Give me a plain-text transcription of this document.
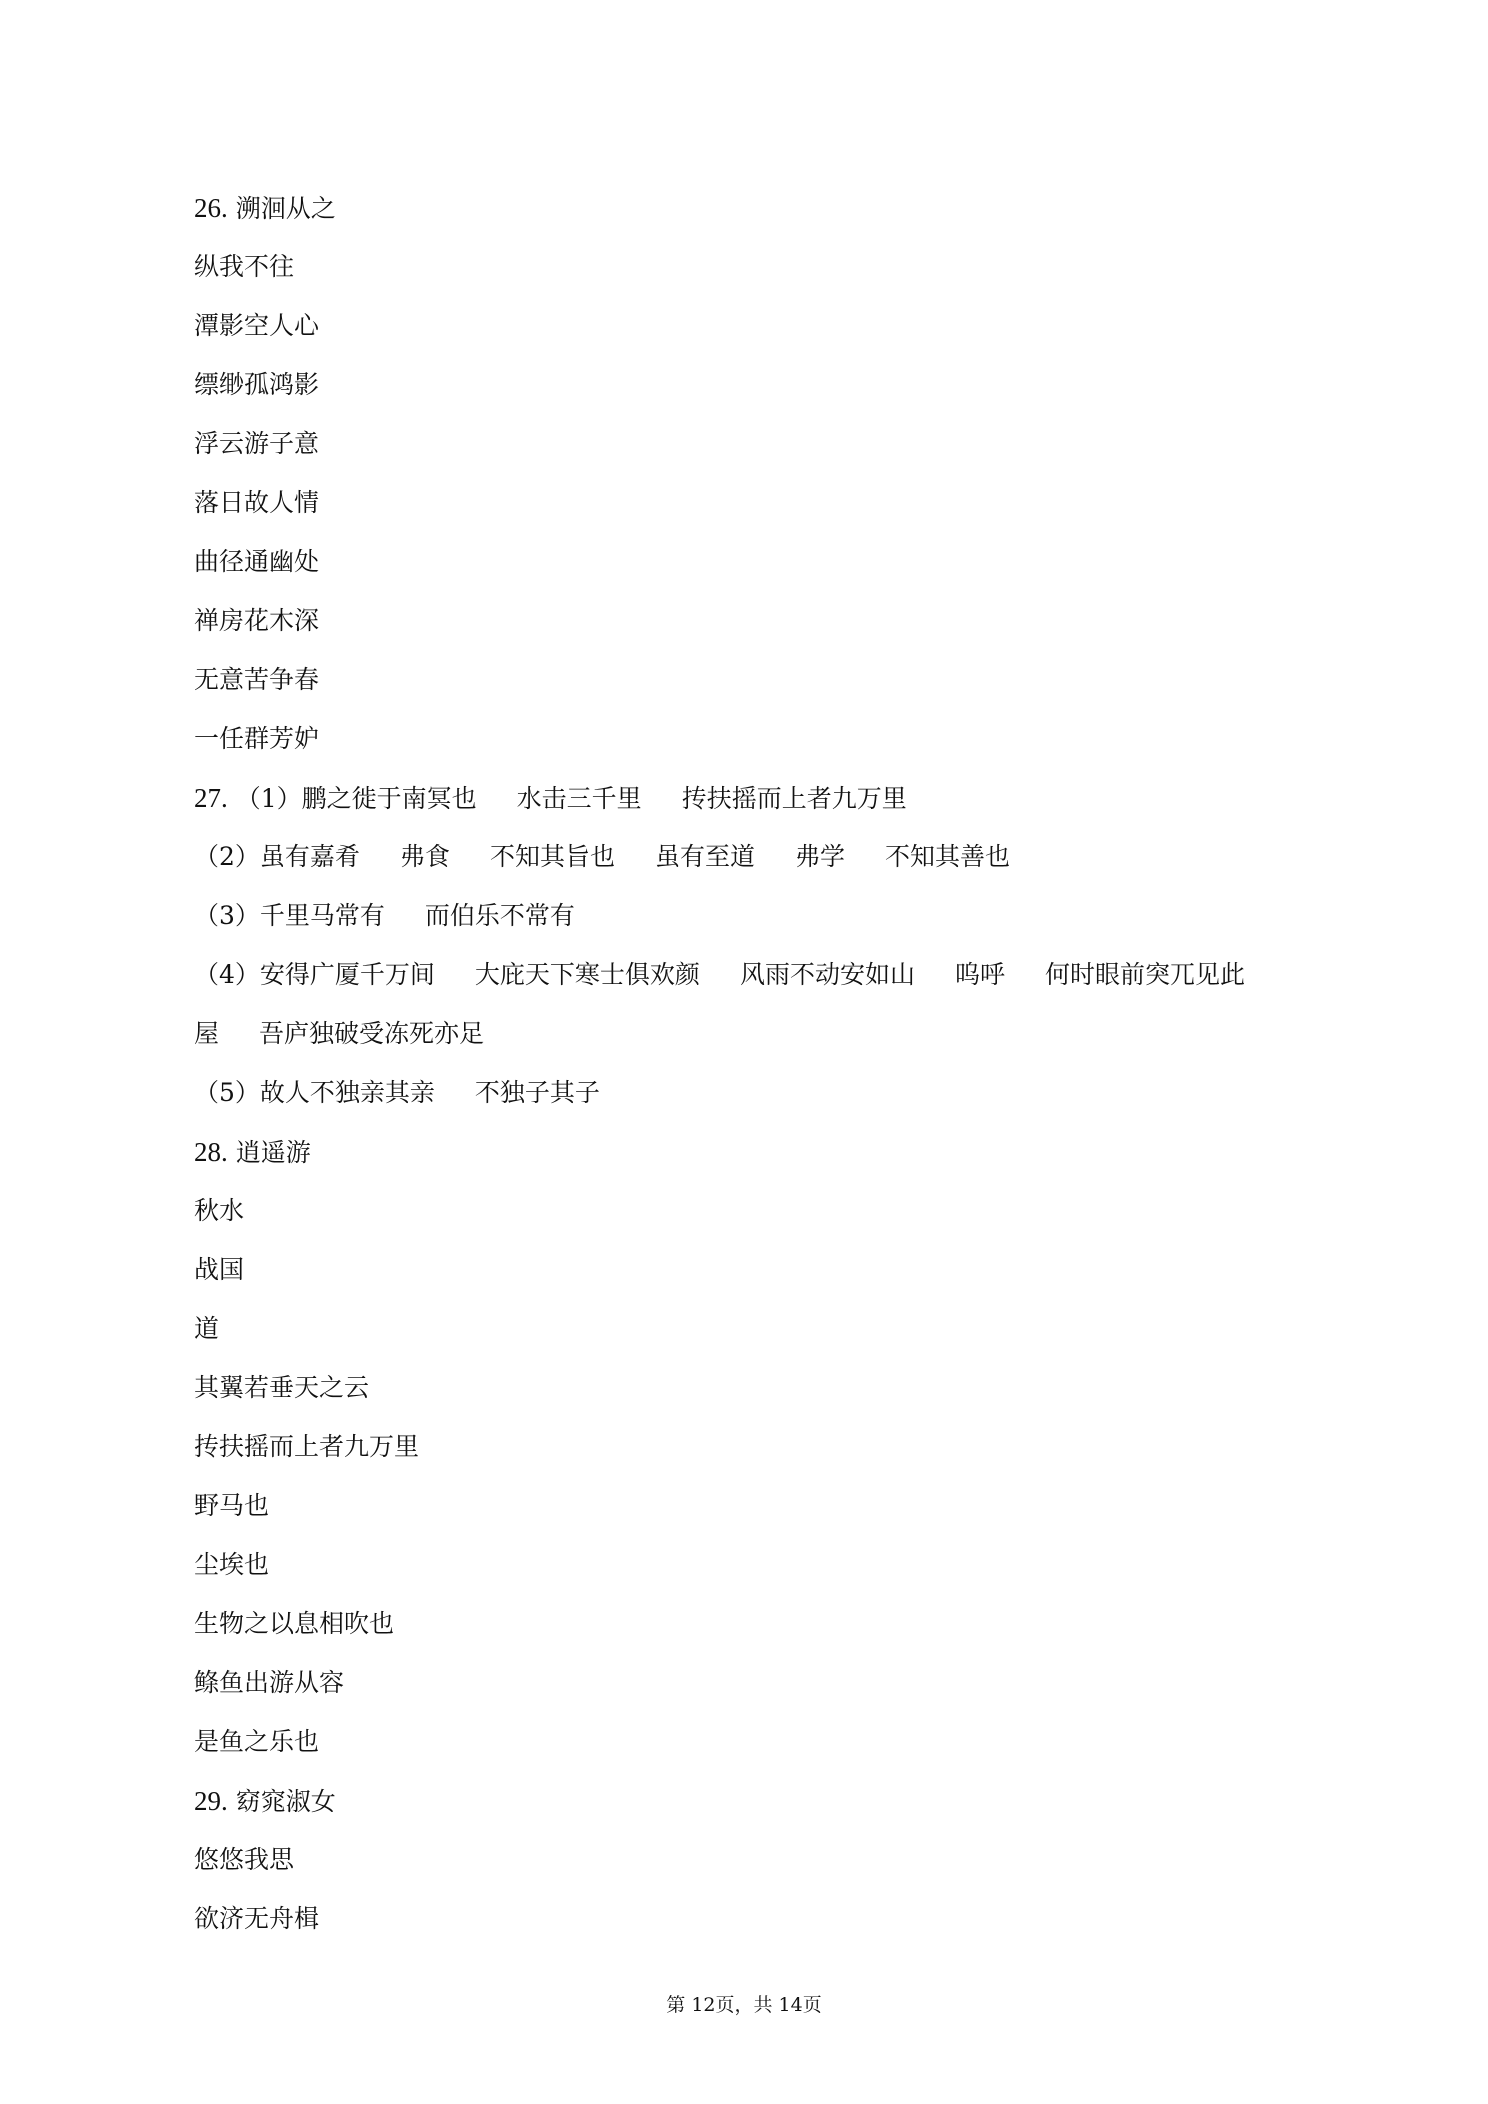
26. 溯洄从之
纵我不往
潭影空人心
缥缈孤鸿影
浮云游子意
落日故人情
曲径通幽处
禅房花木深
无意苦争春
一任群芳妒
27. （1）鹏之徙于南冥也 水击三千里 抟扶摇而上者九万里
（2）虽有嘉肴 弗食 不知其旨也 虽有至道 弗学 不知其善也
（3）千里马常有 而伯乐不常有
（4）安得广厦千万间 大庇天下寒士俱欢颜 风雨不动安如山 呜呼 何时眼前突兀见此
屋 吾庐独破受冻死亦足
（5）故人不独亲其亲 不独子其子
28. 逍遥游
秋水
战国
道
其翼若垂天之云
抟扶摇而上者九万里
野马也
尘埃也
生物之以息相吹也
鲦鱼出游从容
是鱼之乐也
29. 窈窕淑女
悠悠我思
欲济无舟楫
第 12页，共 14页
